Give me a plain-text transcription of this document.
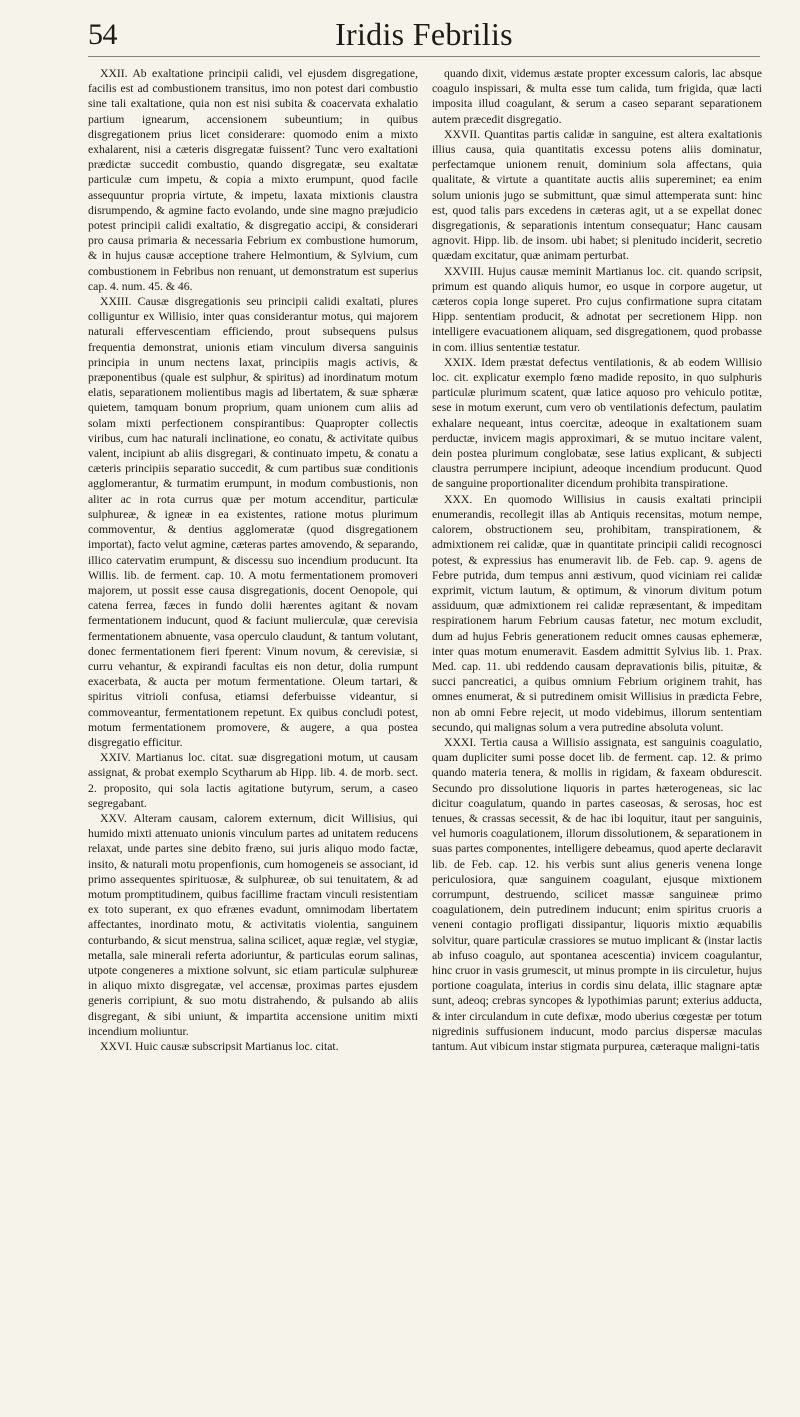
54	Iridis Febrilis

XXII. Ab exaltatione principii calidi, vel ejusdem disgregatione, facilis est ad combustionem transitus, imo non potest dari combustio sine tali exaltatione, quia non est nisi subita & coacervata exhalatio partium ignearum, accensionem subeuntium; in quibus disgregationem prius licet considerare: quomodo enim a mixto exhalarent, nisi a cæteris disgregatæ fuissent? Tunc vero exaltationi prædictæ succedit combustio, quando disgregatæ, seu exaltatæ particulæ cum impetu, & copia a mixto erumpunt, quod facile assequuntur propria virtute, & impetu, laxata mixtionis claustra disrumpendo, & agmine facto evolando, unde sine magno præjudicio potest principii calidi exaltatio, & disgregatio accipi, & considerari pro causa primaria & necessaria Febrium ex combustione humorum, & in hujus causæ acceptione trahere Helmontium, & Sylvium, cum combustionem in Febribus non renuant, ut demonstratum est superius cap. 4. num. 45. & 46.

XXIII. Causæ disgregationis seu principii calidi exaltati, plures colliguntur ex Willisio, inter quas considerantur motus, qui majorem naturali effervescentiam efficiendo, prout subsequens pulsus frequentia demonstrat, unionis etiam vinculum diversa sanguinis principia in unum nectens laxat, principiis magis activis, & præponentibus (quale est sulphur, & spiritus) ad inordinatum motum elatis, separationem molientibus magis ad libertatem, & suæ sphæræ quietem, tamquam bonum proprium, quam unionem cum aliis ad solam mixti perfectionem conspirantibus: Quapropter collectis viribus, cum hac naturali inclinatione, eo conatu, & activitate quibus valent, incipiunt ab aliis disgregari, & continuato impetu, & conatu a cæteris principiis separatio succedit, & cum partibus suæ conditionis agglomerantur, & turmatim erumpunt, in modum combustionis, non aliter ac in rota currus quæ per motum accenditur, particulæ sulphureæ, & igneæ in ea existentes, ratione motus plurimum commoventur, & dentius agglomeratæ (quod disgregationem importat), facto velut agmine, cæteras partes amovendo, & separando, illico catervatim erumpunt, & discessu suo incendium producunt. Ita Willis. lib. de ferment. cap. 10. A motu fermentationem promoveri majorem, ut possit esse causa disgregationis, docent Oenopole, qui catena ferrea, fæces in fundo dolii hærentes agitant & novam fermentationem inducunt, quod & faciunt mulierculæ, quæ cerevisia fermentationem abnuente, vasa operculo claudunt, & tantum volutant, donec fermentationem fieri fperent: Vinum novum, & cerevisiæ, si curru vehantur, & expirandi facultas eis non detur, dolia rumpunt exacerbata, & aucta per motum fermentatione. Oleum tartari, & spiritus vitrioli confusa, etiamsi deferbuisse videantur, si commoveantur, fermentationem repetunt. Ex quibus concludi potest, motum fermentationem promovere, & augere, a qua postea disgregatio efficitur.

XXIV. Martianus loc. citat. suæ disgregationi motum, ut causam assignat, & probat exemplo Scytharum ab Hipp. lib. 4. de morb. sect. 2. proposito, qui sola lactis agitatione butyrum, serum, a caseo segregabant.

XXV. Alteram causam, calorem externum, dicit Willisius, qui humido mixti attenuato unionis vinculum partes ad unitatem reducens relaxat, unde partes sine debito fræno, sui juris aliquo modo factæ, insito, & naturali motu propenfionis, cum homogeneis se associant, id primo assequentes spirituosæ, & sulphureæ, ob sui tenuitatem, & ad motum promptitudinem, quibus facillime fractam vinculi resistentiam ex toto superant, ex quo efrænes evadunt, omnimodam libertatem affectantes, inordinato motu, & activitatis violentia, sanguinem conturbando, & sicut menstrua, salina scilicet, aquæ regiæ, vel stygiæ, metalla, sale minerali referta adoriuntur, & particulas eorum salinas, utpote congeneres a mixtione solvunt, sic etiam particulæ sulphureæ in aliquo mixto disgregatæ, vel accensæ, proximas partes ejusdem generis corripiunt, & suo motu distrahendo, & pulsando ab aliis disgregant, & sibi uniunt, & impartita accensione unitim mixti incendium moliuntur.

XXVI. Huic causæ subscripsit Martianus loc. citat.

quando dixit, videmus æstate propter excessum caloris, lac absque coagulo inspissari, & multa esse tum calida, tum frigida, quæ lacti imposita illud coagulant, & serum a caseo separant separationem autem præcedit disgregatio.

XXVII. Quantitas partis calidæ in sanguine, est altera exaltationis illius causa, quia quantitatis excessu potens aliis dominatur, perfectamque unionem renuit, dominium sola affectans, quia qualitate, & virtute a quantitate auctis aliis supereminet; ea enim solum unionis jugo se submittunt, quæ simul attemperata sunt: hinc est, quod talis pars excedens in cæteras agit, ut a se expellat donec disgregationis, & separationis intentum consequatur; Hanc causam agnovit. Hipp. lib. de insom. ubi habet; si plenitudo inciderit, secretio quædam excitatur, quæ animam perturbat.

XXVIII. Hujus causæ meminit Martianus loc. cit. quando scripsit, primum est quando aliquis humor, eo usque in corpore augetur, ut cæteros copia longe superet. Pro cujus confirmatione supra citatam Hipp. sententiam producit, & adnotat per secretionem Hipp. non intelligere evacuationem aliquam, sed disgregationem, quod probasse in com. illius sententiæ testatur.

XXIX. Idem præstat defectus ventilationis, & ab eodem Willisio loc. cit. explicatur exemplo fœno madide reposito, in quo sulphuris particulæ plurimum scatent, quæ latice aquoso pro vehiculo potitæ, sese in motum exerunt, cum vero ob ventilationis defectum, paulatim exhalare nequeant, intus coercitæ, adeoque in exaltationem suam perductæ, invicem magis approximari, & se mutuo incitare valent, dein postea plurimum conglobatæ, sese latius explicant, & subjecti claustra perrumpere incipiunt, adeoque incendium producunt. Quod de sanguine proportionaliter dicendum prohibita transpiratione.

XXX. En quomodo Willisius in causis exaltati principii enumerandis, recollegit illas ab Antiquis recensitas, motum nempe, calorem, obstructionem seu, prohibitam, transpirationem, & admixtionem rei calidæ, quæ in quantitate principii calidi recognosci potest, & expressius has enumeravit lib. de Feb. cap. 9. agens de Febre putrida, dum tempus anni æstivum, quod viciniam rei calidæ exprimit, victum lautum, & optimum, & vinorum divitum potum assiduum, quæ admixtionem rei calidæ repræsentant, & impeditam respirationem harum Febrium causas fatetur, nec motum excludit, dum ad hujus Febris generationem reducit omnes causas ephemeræ, inter quas motum enumeravit. Easdem admittit Sylvius lib. 1. Prax. Med. cap. 11. ubi reddendo causam depravationis bilis, pituitæ, & succi pancreatici, a quibus omnium Febrium originem trahit, has omnes enumerat, & si putredinem omisit Willisius in prædicta Febre, non ab omni Febre rejecit, ut modo videbimus, illorum sententiam secundo, qui malignas solum a vera putredine absoluta volunt.

XXXI. Tertia causa a Willisio assignata, est sanguinis coagulatio, quam dupliciter sumi posse docet lib. de ferment. cap. 12. & primo quando materia tenera, & mollis in rigidam, & faxeam obdurescit. Secundo pro dissolutione liquoris in partes hæterogeneas, sic lac dicitur coagulatum, quando in partes caseosas, & serosas, hoc est tenues, & crassas secessit, & de hac ibi loquitur, itaut per sanguinis, vel humoris coagulationem, illorum dissolutionem, & separationem in suas partes componentes, intelligere debeamus, quod aperte declaravit lib. de Feb. cap. 12. his verbis sunt alius generis venena longe periculosiora, quæ sanguinem coagulant, ejusque mixtionem corrumpunt, destruendo, scilicet massæ sanguineæ primo coagulationem, dein putredinem inducunt; enim spiritus cruoris a veneni contagio profligati dissipantur, liquoris mixtio æquabilis solvitur, quare particulæ crassiores se mutuo implicant & (instar lactis ab infuso coagulo, aut spontanea acescentia) invicem coagulantur, hinc cruor in vasis grumescit, ut minus prompte in iis circuletur, hujus portione coagulata, interius in cordis sinu delata, illic stagnare aptæ sunt, adeoq; crebras syncopes & lypothimias parunt; exterius adducta, & inter circulandum in cute defixæ, modo uberius cœgestæ per totum nigredinis suffusionem inducunt, modo parcius dispersæ maculas tantum. Aut vibicum instar stigmata purpurea, cæteraque maligni-tatis
